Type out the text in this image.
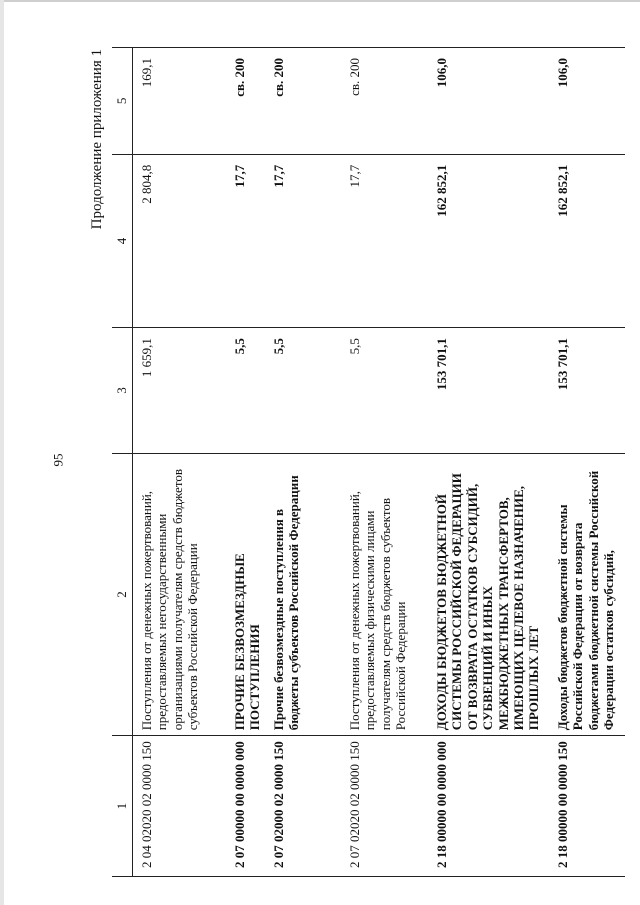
95
Продолжение приложения 1
1	2	3	4	5
2 04 02020 02 0000 150	Поступления от денежных пожертвований, предоставляемых негосударственными организациями получателям средств бюджетов субъектов Российской Федерации	1 659,1	2 804,8	169,1
2 07 00000 00 0000 000	ПРОЧИЕ БЕЗВОЗМЕЗДНЫЕ ПОСТУПЛЕНИЯ	5,5	17,7	св. 200
2 07 02000 02 0000 150	Прочие безвозмездные поступления в бюджеты субъектов Российской Федерации	5,5	17,7	св. 200
2 07 02020 02 0000 150	Поступления от денежных пожертвований, предоставляемых физическими лицами получателям средств бюджетов субъектов Российской Федерации	5,5	17,7	св. 200
2 18 00000 00 0000 000	ДОХОДЫ БЮДЖЕТОВ БЮДЖЕТНОЙ СИСТЕМЫ РОССИЙСКОЙ ФЕДЕРАЦИИ ОТ ВОЗВРАТА ОСТАТКОВ СУБСИДИЙ, СУБВЕНЦИЙ И ИНЫХ МЕЖБЮДЖЕТНЫХ ТРАНСФЕРТОВ, ИМЕЮЩИХ ЦЕЛЕВОЕ НАЗНАЧЕНИЕ, ПРОШЛЫХ ЛЕТ	153 701,1	162 852,1	106,0
2 18 00000 00 0000 150	Доходы бюджетов бюджетной системы Российской Федерации от возврата бюджетами бюджетной системы Российской Федерации остатков субсидий,	153 701,1	162 852,1	106,0
